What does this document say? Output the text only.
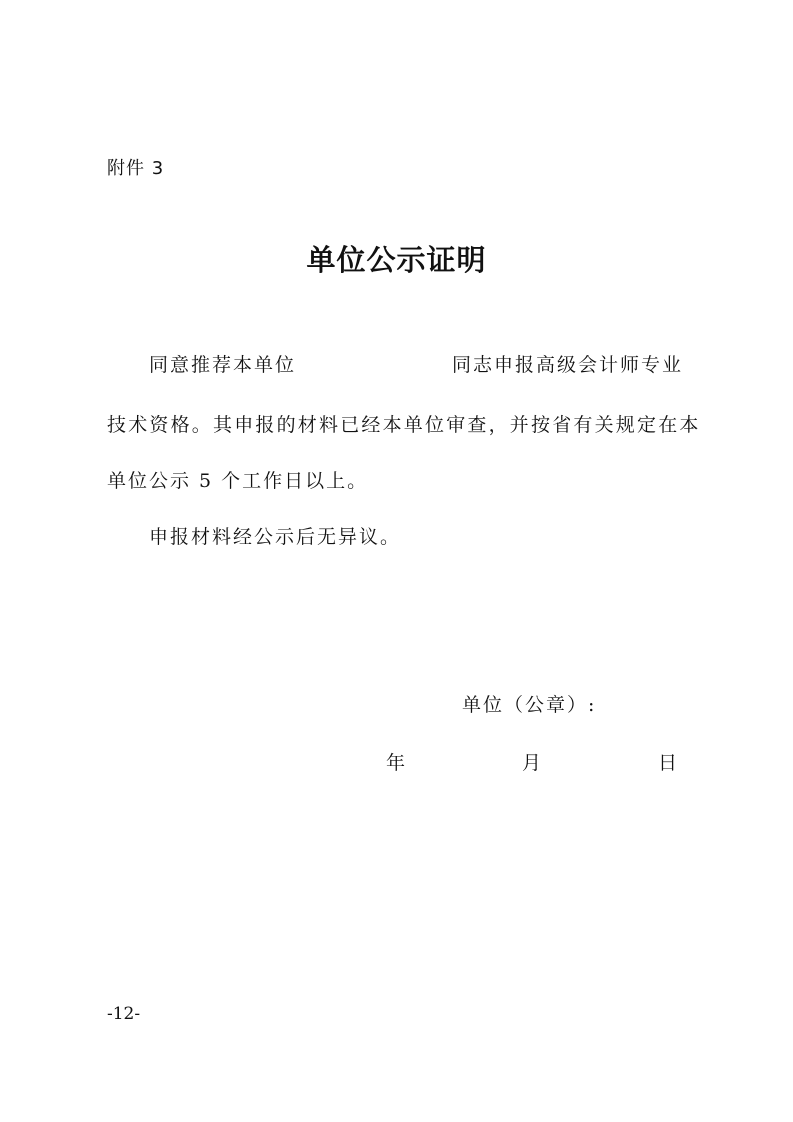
附件 3
单位公示证明
同意推荐本单位	同志申报高级会计师专业
技术资格。其申报的材料已经本单位审查，并按省有关规定在本
单位公示 5 个工作日以上。
申报材料经公示后无异议。
单位（公章）:
年	月	日
-12-
